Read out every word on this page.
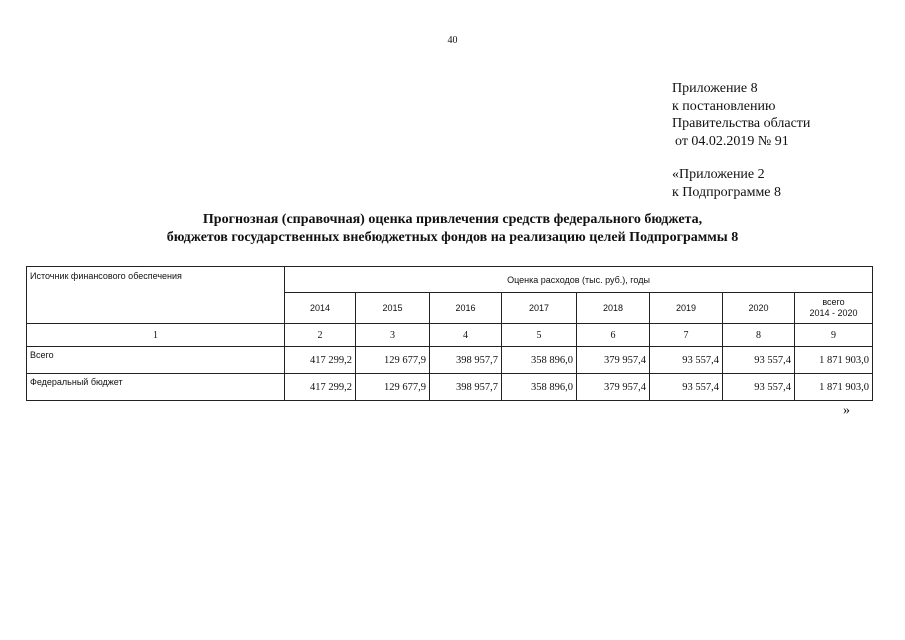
40
Приложение 8
к постановлению
Правительства области
от 04.02.2019 № 91
«Приложение 2
к Подпрограмме 8
Прогнозная (справочная) оценка привлечения средств федерального бюджета,
бюджетов государственных внебюджетных фондов на реализацию целей Подпрограммы 8
Источник финансового обеспечения	Оценка расходов (тыс. руб.), годы							
	2014	2015	2016	2017	2018	2019	2020	всего
2014 - 2020
1	2	3	4	5	6	7	8	9
Всего	417 299,2	129 677,9	398 957,7	358 896,0	379 957,4	93 557,4	93 557,4	1 871 903,0
Федеральный бюджет	417 299,2	129 677,9	398 957,7	358 896,0	379 957,4	93 557,4	93 557,4	1 871 903,0
»
